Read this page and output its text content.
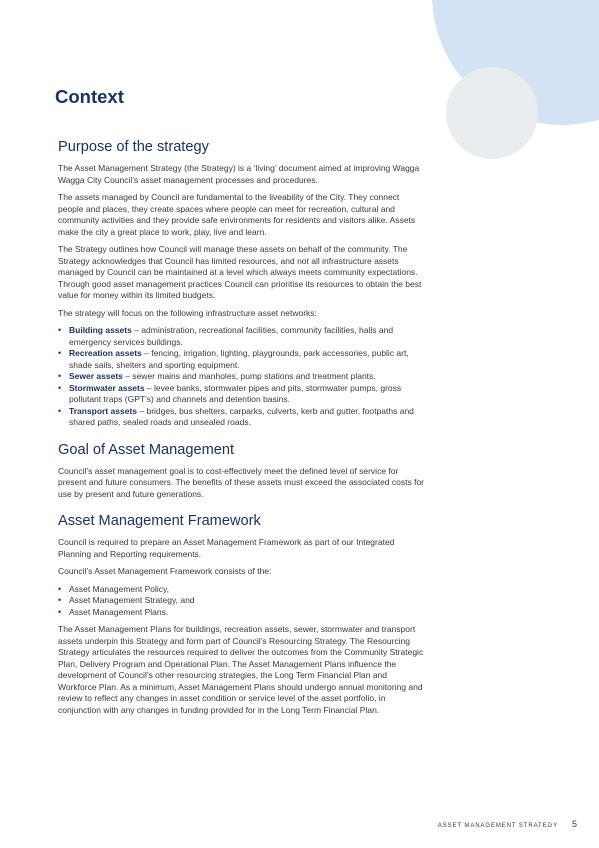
Context
Purpose of the strategy

The Asset Management Strategy (the Strategy) is a ‘living’ document aimed at improving Wagga Wagga City Council’s asset management processes and procedures.

The assets managed by Council are fundamental to the liveability of the City. They connect people and places, they create spaces where people can meet for recreation, cultural and community activities and they provide safe environments for residents and visitors alike. Assets make the city a great place to work, play, live and learn.

The Strategy outlines how Council will manage these assets on behalf of the community. The Strategy acknowledges that Council has limited resources, and not all infrastructure assets managed by Council can be maintained at a level which always meets community expectations. Through good asset management practices Council can prioritise its resources to obtain the best value for money within its limited budgets.

The strategy will focus on the following infrastructure asset networks:

• Building assets – administration, recreational facilities, community facilities, halls and emergency services buildings.
• Recreation assets – fencing, irrigation, lighting, playgrounds, park accessories, public art, shade sails, shelters and sporting equipment.
• Sewer assets – sewer mains and manholes, pump stations and treatment plants.
• Stormwater assets – levee banks, stormwater pipes and pits, stormwater pumps, gross pollutant traps (GPT’s) and channels and detention basins.
• Transport assets – bridges, bus shelters, carparks, culverts, kerb and gutter, footpaths and shared paths, sealed roads and unsealed roads.
Goal of Asset Management

Council’s asset management goal is to cost-effectively meet the defined level of service for present and future consumers. The benefits of these assets must exceed the associated costs for use by present and future generations.

Asset Management Framework

Council is required to prepare an Asset Management Framework as part of our Integrated Planning and Reporting requirements.

Council’s Asset Management Framework consists of the:

• Asset Management Policy,
• Asset Management Strategy, and
• Asset Management Plans.

The Asset Management Plans for buildings, recreation assets, sewer, stormwater and transport assets underpin this Strategy and form part of Council’s Resourcing Strategy. The Resourcing Strategy articulates the resources required to deliver the outcomes from the Community Strategic Plan, Delivery Program and Operational Plan. The Asset Management Plans influence the development of Council’s other resourcing strategies, the Long Term Financial Plan and Workforce Plan. As a minimum, Asset Management Plans should undergo annual monitoring and review to reflect any changes in asset condition or service level of the asset portfolio, in conjunction with any changes in funding provided for in the Long Term Financial Plan.

ASSET MANAGEMENT STRATEGY 5
